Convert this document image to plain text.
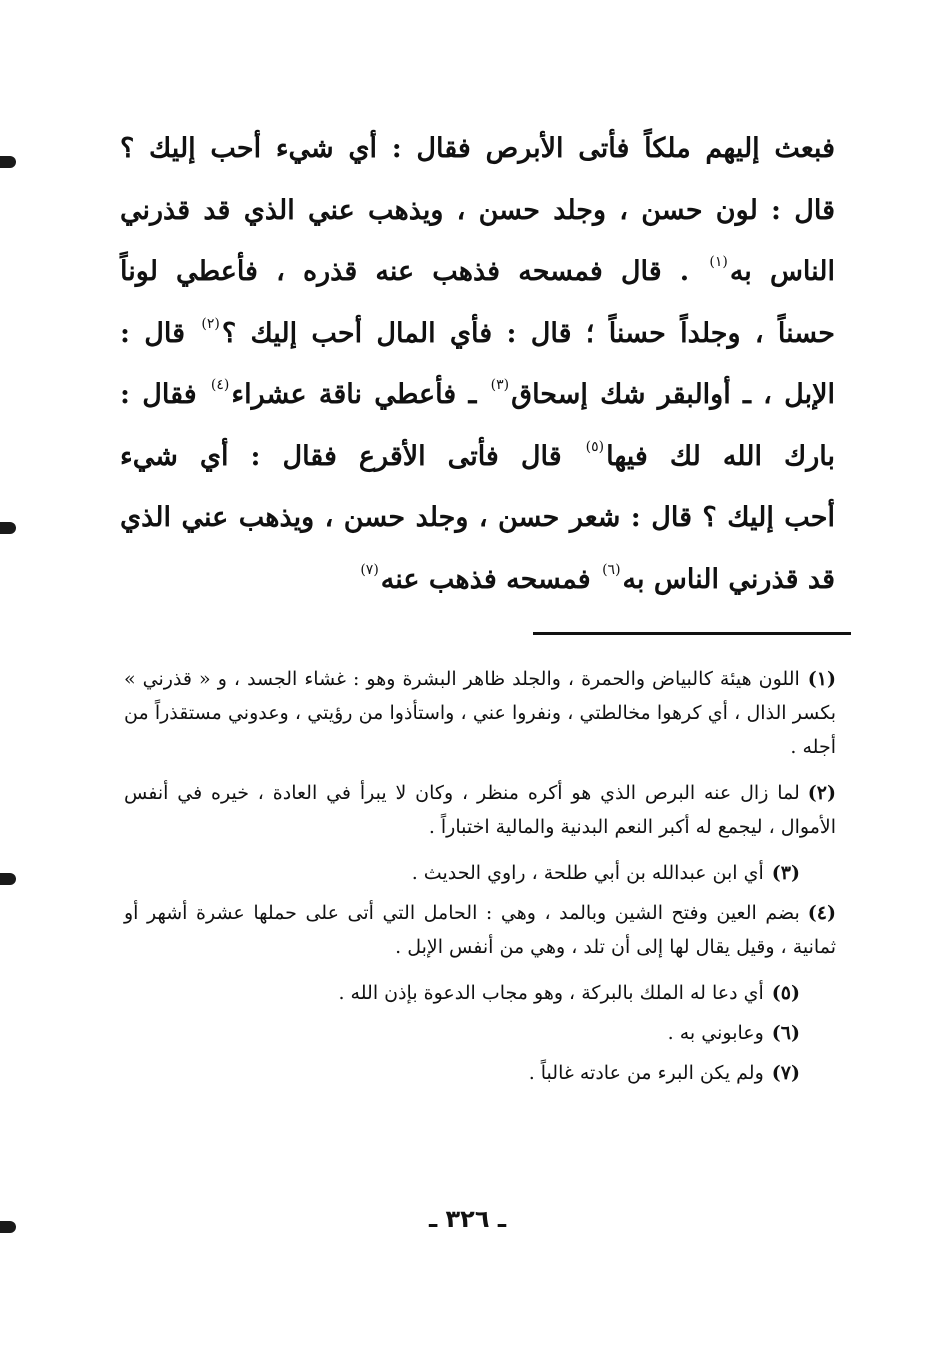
فبعث إليهم ملكاً فأتى الأبرص فقال : أي شيء أحب إليك ؟
قال : لون حسن ، وجلد حسن ، ويذهب عني الذي قد قذرني
الناس به$^{(١)}$ . قال فمسحه فذهب عنه قذره ، فأعطي لوناً
حسناً ، وجلداً حسناً ؛ قال : فأي المال أحب إليك ؟$^{(٢)}$ قال :
الإبل ، ـ أوالبقر شك إسحاق$^{(٣)}$ ـ فأعطي ناقة عشراء$^{(٤)}$ فقال :
بارك الله لك فيها$^{(٥)}$ قال فأتى الأقرع فقال : أي شيء
أحب إليك ؟ قال : شعر حسن ، وجلد حسن ، ويذهب عني الذي
قد قذرني الناس به$^{(٦)}$ فمسحه فذهب عنه$^{(٧)}$
(١)اللون هيئة كالبياض والحمرة ، والجلد ظاهر البشرة وهو : غشاء الجسد ، و « قذرني » بكسر الذال ، أي كرهوا مخالطتي ، ونفروا عني ، واستأذوا من رؤيتي ، وعدوني مستقذراً من أجله .
(٢)لما زال عنه البرص الذي هو أكره منظر ، وكان لا يبرأ في العادة ، خيره في أنفس الأموال ، ليجمع له أكبر النعم البدنية والمالية اختباراً .
(٣)أي ابن عبدالله بن أبي طلحة ، راوي الحديث .
(٤)بضم العين وفتح الشين وبالمد ، وهي : الحامل التي أتى على حملها عشرة أشهر أو ثمانية ، وقيل يقال لها إلى أن تلد ، وهي من أنفس الإبل .
(٥)أي دعا له الملك بالبركة ، وهو مجاب الدعوة بإذن الله .
(٦)وعابوني به .
(٧)ولم يكن البرء من عادته غالباً .
ـ ٣٢٦ ـ
